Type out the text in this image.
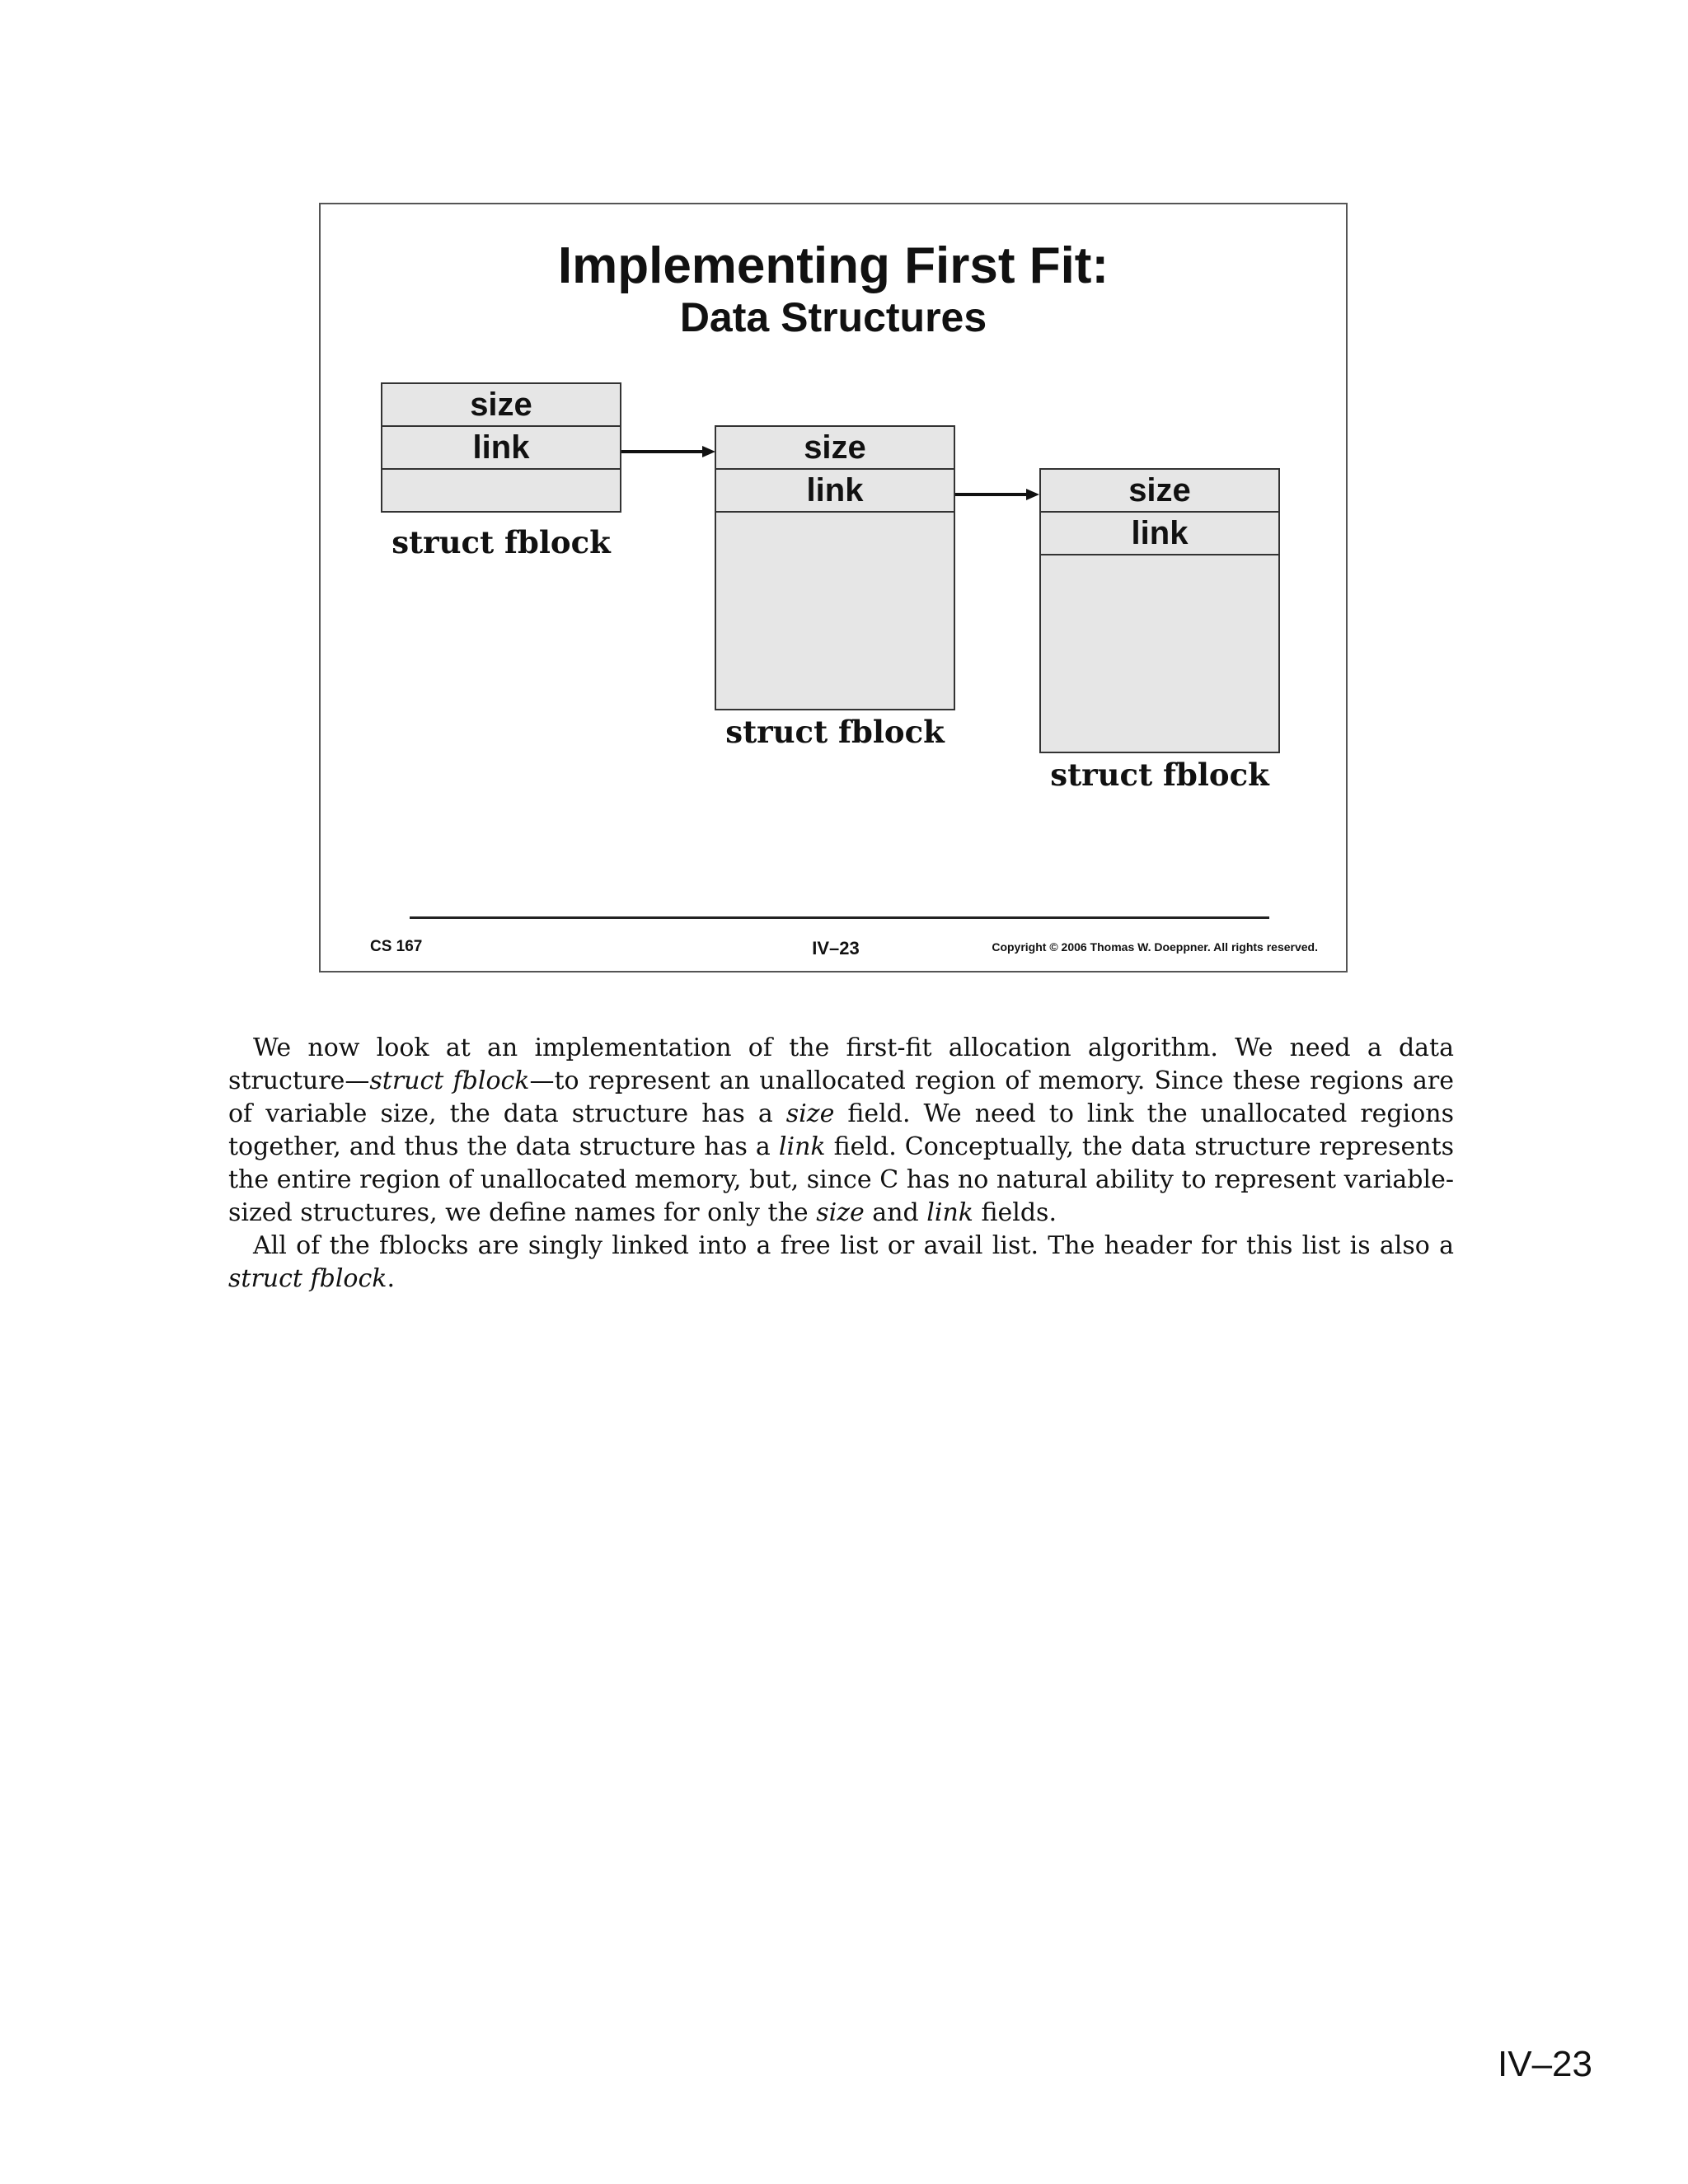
Implementing First Fit:
Data Structures
size
link
struct fblock
size
link
struct fblock
size
link
struct fblock
CS 167	IV–23	Copyright © 2006 Thomas W. Doeppner. All rights reserved.

We now look at an implementation of the first-fit allocation algorithm. We need a data structure—struct fblock—to represent an unallocated region of memory. Since these regions are of variable size, the data structure has a size field. We need to link the unallocated regions together, and thus the data structure has a link field. Conceptually, the data structure represents the entire region of unallocated memory, but, since C has no natural ability to represent variable-sized structures, we define names for only the size and link fields.

All of the fblocks are singly linked into a free list or avail list. The header for this list is also a struct fblock.

IV–23
